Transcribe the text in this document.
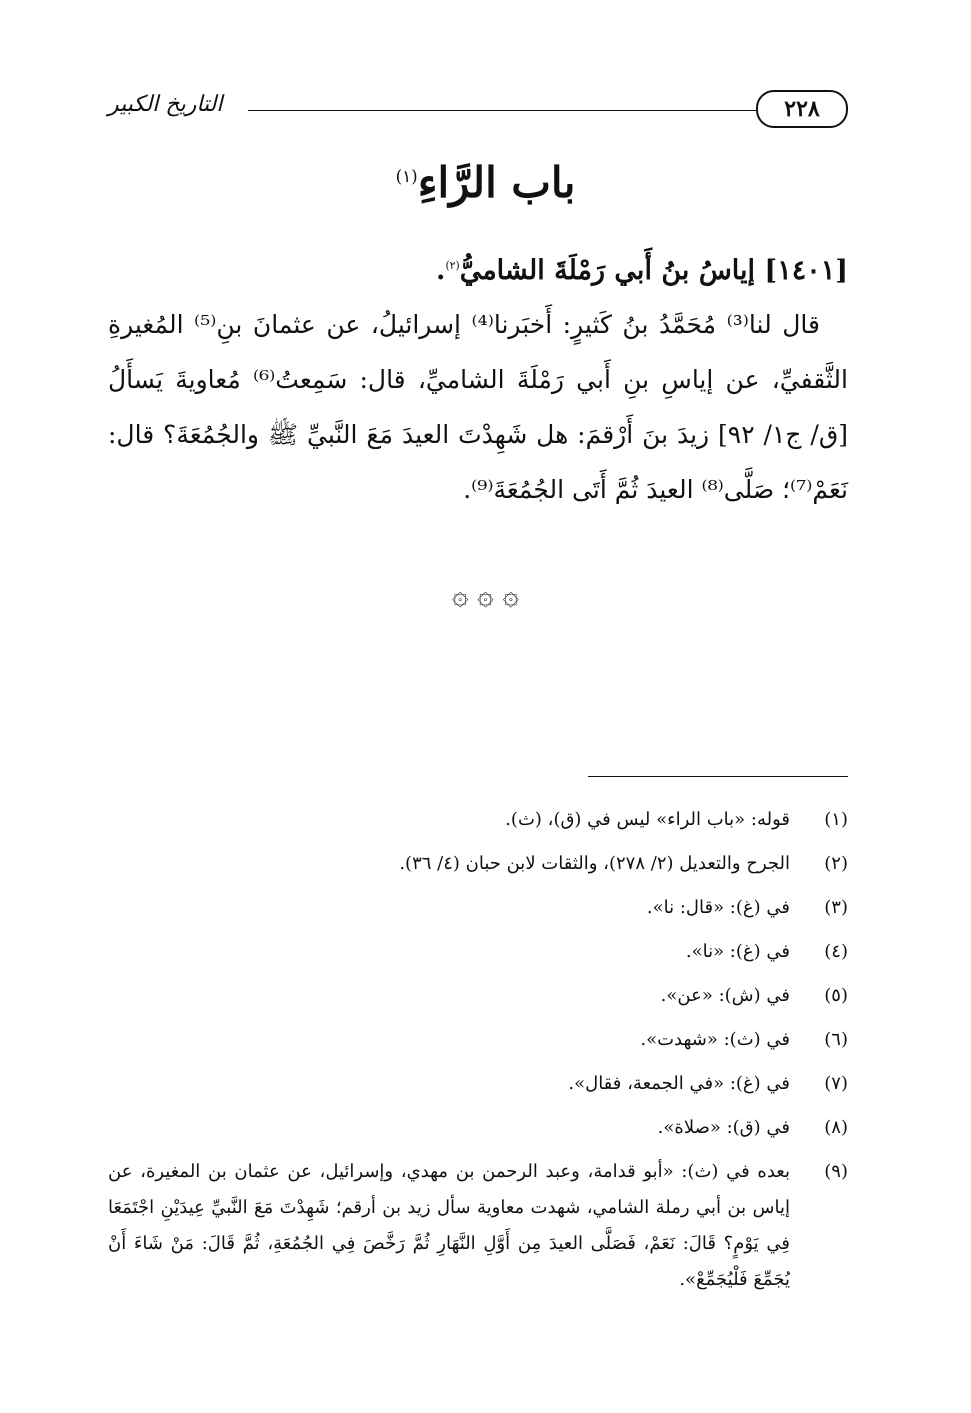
التاريخ الكبير	٢٢٨
باب الرَّاءِ$^{(١)}$

[١٤٠١] إياسُ بنُ أَبي رَمْلَةَ الشاميُّ$^{(٢)}$.

قال لنا⁽³⁾ مُحَمَّدُ بنُ كَثيرٍ: أَخبَرنا⁽⁴⁾ إسرائيلُ، عن عثمانَ بنِ⁽⁵⁾ المُغيرةِ الثَّقفيِّ، عن إياسِ بنِ أَبي رَمْلَةَ الشاميِّ، قال: سَمِعتُ⁽⁶⁾ مُعاويةَ يَسأَلُ [ق/ ج١/ ٩٢] زيدَ بنَ أَرْقمَ: هل شَهِدْتَ العيدَ مَعَ النَّبيِّ ﷺ والجُمُعَةَ؟ قال: نَعَمْ⁽⁷⁾؛ صَلَّى⁽⁸⁾ العيدَ ثُمَّ أَتَى الجُمُعَةَ⁽⁹⁾.

۞ ۞ ۞
(١)
قوله: «باب الراء» ليس في (ق)، (ث).
(٢)
الجرح والتعديل (٢/ ٢٧٨)، والثقات لابن حبان (٤/ ٣٦).
(٣)
في (غ): «قال: نا».
(٤)
في (غ): «نا».
(٥)
في (ش): «عن».
(٦)
في (ث): «شهدت».
(٧)
في (غ): «في الجمعة، فقال».
(٨)
في (ق): «صلاة».
(٩)
بعده في (ث): «أبو قدامة، وعبد الرحمن بن مهدي، وإسرائيل، عن عثمان بن المغيرة، عن إياس بن أبي رملة الشامي، شهدت معاوية سأل زيد بن أرقم؛ شَهِدْتَ مَعَ النَّبيِّ عِيدَيْنِ اجْتَمَعَا فِي يَوْمٍ؟ قَالَ: نَعَمْ، فَصَلَّى العيدَ مِن أَوَّلِ النَّهَارِ ثُمَّ رَخَّصَ فِي الجُمُعَةِ، ثُمَّ قَالَ: مَنْ شَاءَ أَنْ يُجَمِّعَ فَلْيُجَمِّعْ».
